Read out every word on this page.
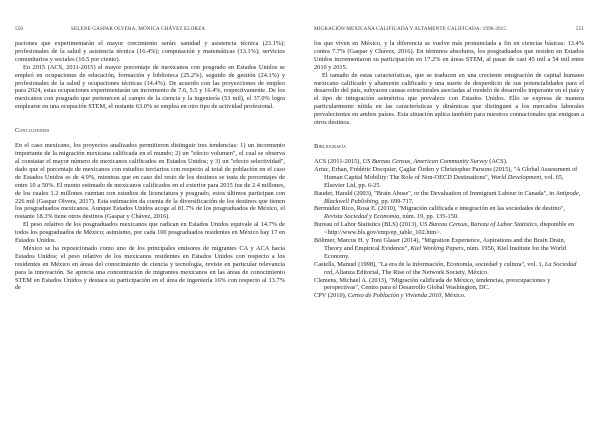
550	SELENE GASPAR OLVERA, MÓNICA CHÁVEZ ELORZA

paciones que experimentarán el mayor crecimiento serán: sanidad y asistencia técnica (23.1%); profesionales de la salud y asistencia técnica (16.4%); computación y matemáticas (13.1%); servicios comunitarios y sociales (10.5 por ciento).

En 2015 (ACS, 2011-2015) el mayor porcentaje de mexicanos con posgrado en Estados Unidos se empleó en ocupaciones de educación, formación y biblioteca (25.2%), seguido de gestión (24.1%) y profesionales de la salud y ocupaciones técnicas (14.4%). De acuerdo con las proyecciones de empleo para 2024, estas ocupaciones experimentarán un incremento de 7.6, 5.5 y 16.4%, respectivamente. De los mexicanos con posgrado que pertenecen al campo de la ciencia y la ingeniería (53 mil), el 37.0% logra emplearse en una ocupación STEM, el restante 63.0% se emplea en otro tipo de actividad profesional.

Conclusiones

En el caso mexicano, los proyectos analizados permitieron distinguir tres tendencias: 1) un incremento importante de la migración mexicana calificada en el mundo; 2) un "efecto volumen", el cual se observa al constatar el mayor número de mexicanos calificados en Estados Unidos; y 3) un "efecto selectividad", dado que el porcentaje de mexicanos con estudios terciarios con respecto al total de población en el caso de Estados Unidos es de 4.9%, mientras que en caso del resto de los destinos se trata de porcentajes de entre 10 a 50%. El monto estimado de mexicanos calificados en el exterior para 2015 fue de 2.4 millones, de los cuales 1.2 millones cuentan con estudios de licenciatura y posgrado, estos últimos participan con 226 mil (Gaspar Olvera, 2017). Esta estimación da cuenta de la diversificación de los destinos que tienen los posgraduados mexicanos. Aunque Estados Unidos acoge al 81.7% de los posgraduados de México, el restante 18.3% tiene otros destinos (Gaspar y Chávez, 2016).

El peso relativo de los posgraduados mexicanos que radican en Estados Unidos equivale al 14.7% de todos los posgraduados de México; asimismo, por cada 100 posgraduados residentes en México hay 17 en Estados Unidos.

México se ha reposicionado como uno de los principales emisores de migrantes CA y ACA hacia Estados Unidos; el peso relativo de los mexicanos residentes en Estados Unidos con respecto a los residentes en México en áreas del conocimiento de ciencia y tecnología, reviste en particular relevancia para la innovación. Se aprecia una concentración de migrantes mexicanos en las áreas de conocimiento STEM en Estados Unidos y destaca su participación en el área de ingeniería 16% con respecto al 13.7% de

MIGRACIÓN MEXICANA CALIFICADA Y ALTAMENTE CALIFICADA: 1990-2015	551

los que viven en México, y la diferencia se vuelve más pronunciada a fin en ciencias básicas: 13.4% contra 7.7% (Gaspar y Chávez, 2016). En términos absolutos, los posgraduados que residen en Estados Unidos incrementaron su participación en 17.2% en áreas STEM, al pasar de casi 45 mil a 54 mil entre 2010 y 2015.

El tamaño de estas características, que se traducen en una creciente emigración de capital humano mexicano calificado y altamente calificado y una suerte de desperdicio de sus potencialidades para el desarrollo del país, subyacen causas estructurales asociadas al modelo de desarrollo imperante en el país y el tipo de integración asimétrica que prevalece con Estados Unidos. Ello se expresa de manera particularmente nítida en las características y dinámicas que distinguen a los mercados laborales prevalecientes en ambos países. Esta situación aplica también para nuestros connacionales que emigran a otros destinos.

Bibliografía

ACS (2011-2015), US Bureau Census, American Community Survey (ACS).

Artuc, Erhan, Frédéric Docquier, Çaglar Özden y Christopher Parsons (2015), "A Global Assessment of Human Capital Mobility: The Role of Non-OECD Destinations", World Development, vol. 65, Elsevier Ltd, pp. 6-25.

Bauder, Harald (2003), "Brain Abuse", or the Devaluation of Immigrant Labour in Canada", in Antipode, Blackwell Publishing, pp. 699-717.

Bermúdez Rico, Rosa E. (2010), "Migración calificada e integración en las sociedades de destino", Revista Sociedad y Economía, núm. 19, pp. 135-150.

Bureau of Labor Statistics (BLS) (2013), US Bureau Census, Bureau of Labor Statistics, disponible en <http://www.bls.gov/emp/ep_table_102.htm>.

Böhmer, Marcus H. y Toni Glaser (2014), "Migration Experience, Aspirations and the Brain Drain, Theory and Empirical Evidence", Kiel Working Papers, núm. 1956, Kiel Institute for the World Economy.

Castells, Manuel (1998), "La era de la información, Economía, sociedad y cultura", vol. 1, La Sociedad red, Alianza Editorial, The Rise of the Network Society, México.

Clemens, Michael A. (2013), "Migración calificada de México, tendencias, preocupaciones y perspectivas", Centro para el Desarrollo Global Washington, DC.

CPV (2010), Censo de Población y Vivienda 2010, México.
